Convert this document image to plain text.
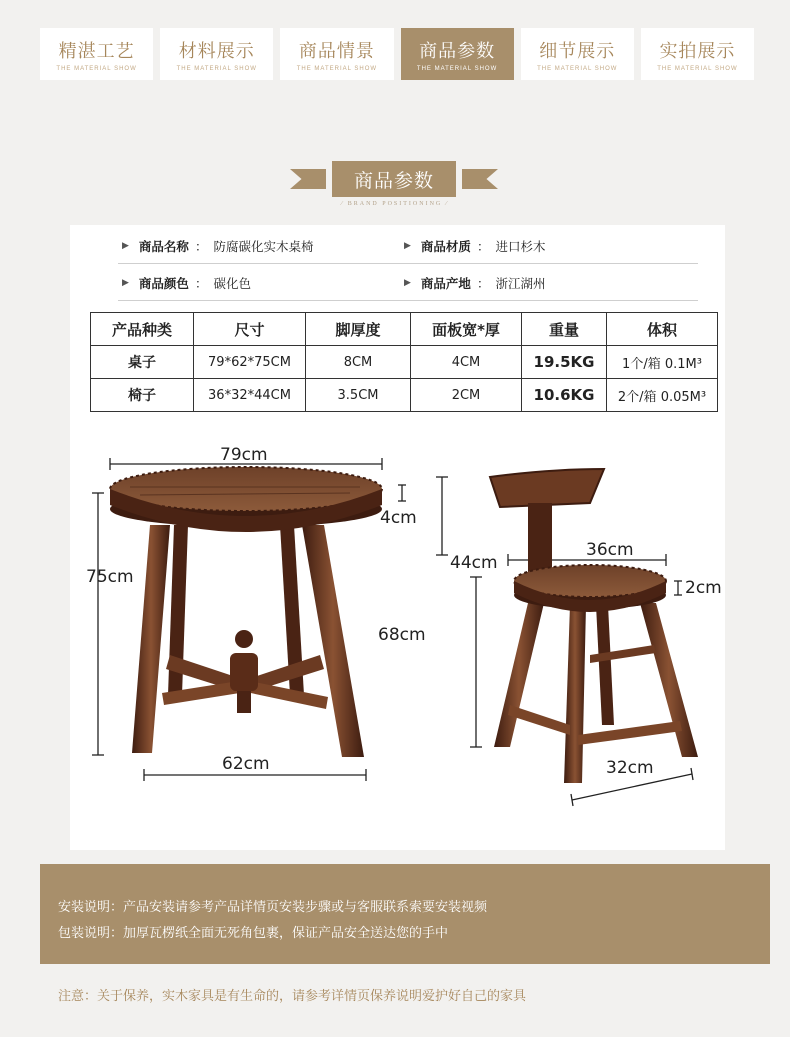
精湛工艺
THE MATERIAL SHOW
材料展示
THE MATERIAL SHOW
商品情景
THE MATERIAL SHOW
商品参数
THE MATERIAL SHOW
细节展示
THE MATERIAL SHOW
实拍展示
THE MATERIAL SHOW
商品参数
⁄ BRAND POSITIONING ⁄
▶ 商品名称 ： 防腐碳化实木桌椅	▶ 商品材质 ： 进口杉木
▶ 商品颜色 ： 碳化色	▶ 商品产地 ： 浙江湖州
产品种类	尺寸	脚厚度	面板宽*厚	重量	体积
桌子	79*62*75CM	8CM	4CM	19.5KG	1个/箱 0.1M³
椅子	36*32*44CM	3.5CM	2CM	10.6KG	2个/箱 0.05M³
79cm
4cm
75cm
62cm
44cm
36cm
2cm
68cm
32cm
安装说明：产品安装请参考产品详情页安装步骤或与客服联系索要安装视频
包装说明：加厚瓦楞纸全面无死角包裹，保证产品安全送达您的手中
注意：关于保养，实木家具是有生命的，请参考详情页保养说明爱护好自己的家具
